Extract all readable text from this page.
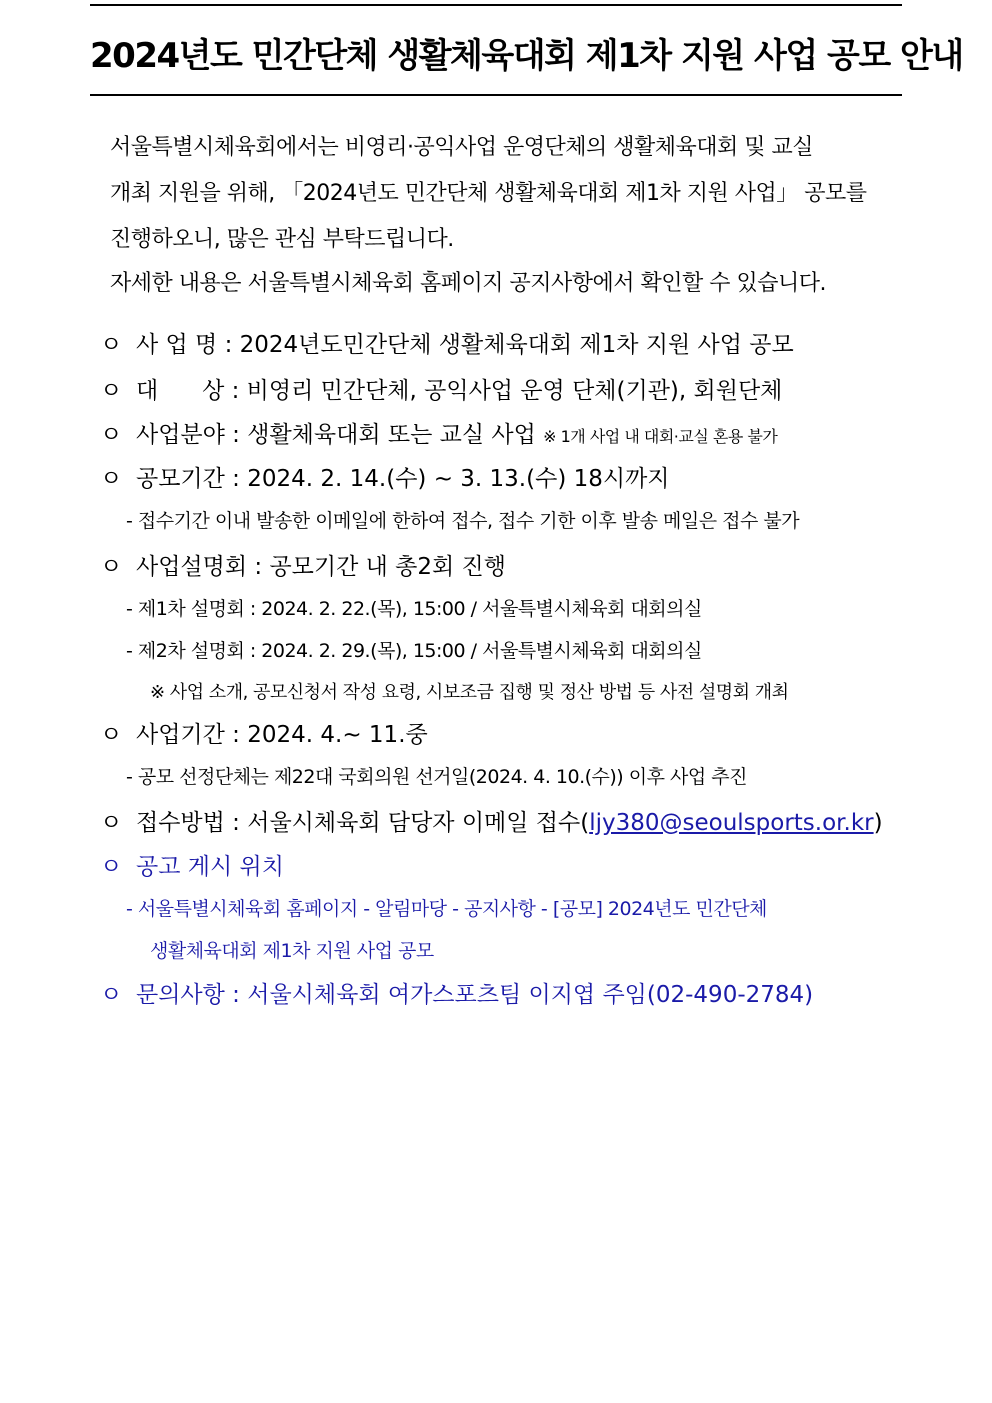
2024년도 민간단체 생활체육대회 제1차 지원 사업 공모 안내
서울특별시체육회에서는 비영리·공익사업 운영단체의 생활체육대회 및 교실
개최 지원을 위해, 「2024년도 민간단체 생활체육대회 제1차 지원 사업」 공모를
진행하오니, 많은 관심 부탁드립니다.
자세한 내용은 서울특별시체육회 홈페이지 공지사항에서 확인할 수 있습니다.
ㅇ 사 업 명 : 2024년도민간단체 생활체육대회 제1차 지원 사업 공모
ㅇ 대      상 : 비영리 민간단체, 공익사업 운영 단체(기관), 회원단체
ㅇ 사업분야 : 생활체육대회 또는 교실 사업 ※ 1개 사업 내 대회·교실 혼용 불가
ㅇ 공모기간 : 2024. 2. 14.(수) ~ 3. 13.(수) 18시까지
- 접수기간 이내 발송한 이메일에 한하여 접수, 접수 기한 이후 발송 메일은 접수 불가
ㅇ 사업설명회 : 공모기간 내 총2회 진행
- 제1차 설명회 : 2024. 2. 22.(목), 15:00 / 서울특별시체육회 대회의실
- 제2차 설명회 : 2024. 2. 29.(목), 15:00 / 서울특별시체육회 대회의실
※ 사업 소개, 공모신청서 작성 요령, 시보조금 집행 및 정산 방법 등 사전 설명회 개최
ㅇ 사업기간 : 2024. 4.~ 11.중
- 공모 선정단체는 제22대 국회의원 선거일(2024. 4. 10.(수)) 이후 사업 추진
ㅇ 접수방법 : 서울시체육회 담당자 이메일 접수(ljy380@seoulsports.or.kr)
ㅇ 공고 게시 위치
- 서울특별시체육회 홈페이지 - 알림마당 - 공지사항 - [공모] 2024년도 민간단체
생활체육대회 제1차 지원 사업 공모
ㅇ 문의사항 : 서울시체육회 여가스포츠팀 이지엽 주임(02-490-2784)
